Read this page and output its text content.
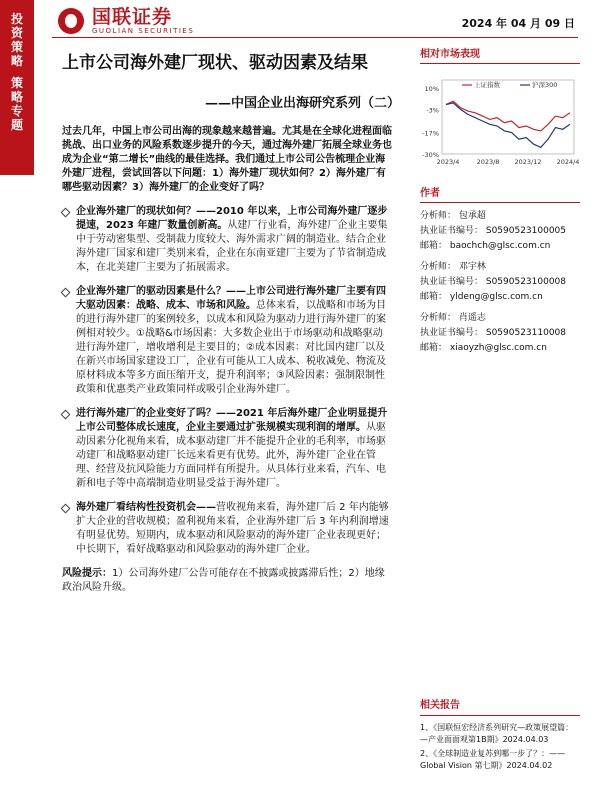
投资策略
策略专题
国联证券
GUOLIAN SECURITIES
2024 年 04 月 09 日
上市公司海外建厂现状、驱动因素及结果
——中国企业出海研究系列（二）

过去几年，中国上市公司出海的现象越来越普遍。尤其是在全球化进程面临挑战、出口业务的风险系数逐步提升的今天，通过海外建厂拓展全球业务也成为企业“第二增长”曲线的最佳选择。我们通过上市公司公告梳理企业海外建厂进程，尝试回答以下问题：1）海外建厂现状如何？2）海外建厂有哪些驱动因素？3）海外建厂的企业变好了吗？

企业海外建厂的现状如何？——2010 年以来，上市公司海外建厂逐步提速，2023 年建厂数量创新高。从建厂行业看，海外建厂企业主要集中于劳动密集型、受制裁力度较大、海外需求广阔的制造业。结合企业海外建厂国家和建厂类别来看，企业在东南亚建厂主要为了节省制造成本，在北美建厂主要为了拓展需求。
企业海外建厂的驱动因素是什么？——上市公司进行海外建厂主要有四大驱动因素：战略、成本、市场和风险。总体来看，以战略和市场为目的进行海外建厂的案例较多，以成本和风险为驱动力进行海外建厂的案例相对较少。①战略&市场因素：大多数企业出于市场驱动和战略驱动进行海外建厂，增收增利是主要目的；②成本因素：对比国内建厂以及在新兴市场国家建设工厂，企业有可能从工人成本、税收减免、物流及原材料成本等多方面压缩开支，提升利润率；③风险因素：强制限制性政策和优惠类产业政策同样或吸引企业海外建厂。
进行海外建厂的企业变好了吗？——2021 年后海外建厂企业明显提升上市公司整体成长速度，企业主要通过扩张规模实现利润的增厚。从驱动因素分化视角来看，成本驱动建厂并不能提升企业的毛利率，市场驱动建厂和战略驱动建厂长远来看更有优势。此外，海外建厂企业在管理、经营及抗风险能力方面同样有所提升。从具体行业来看，汽车、电新和电子等中高端制造业明显受益于海外建厂。
海外建厂看结构性投资机会——营收视角来看，海外建厂后 2 年内能够扩大企业的营收规模；盈利视角来看，企业海外建厂后 3 年内利润增速有明显优势。短期内，成本驱动和风险驱动的海外建厂企业表现更好；中长期下，看好战略驱动和风险驱动的海外建厂企业。

风险提示：1）公司海外建厂公告可能存在不披露或披露滞后性；2）地缘政治风险升级。

相对市场表现
10%
-3%
-17%
-30%
2023/4	2023/8 2023/12 2024/4
上证指数	沪深300
作者
分析师： 包承超
执业证书编号： S0590523100005
邮箱： baochch@glsc.com.cn
分析师： 邓宇林
执业证书编号： S0590523100008
邮箱： yldeng@glsc.com.cn
分析师： 肖遥志
执业证书编号： S0590523110008
邮箱： xiaoyzh@glsc.com.cn
相关报告
1、《国联恒宏经济系列研究—政策展望篇：—产业面面观第1B期》2024.04.03
2、《全球制造业复苏到哪一步了？：——Global Vision 第七期》2024.04.02
